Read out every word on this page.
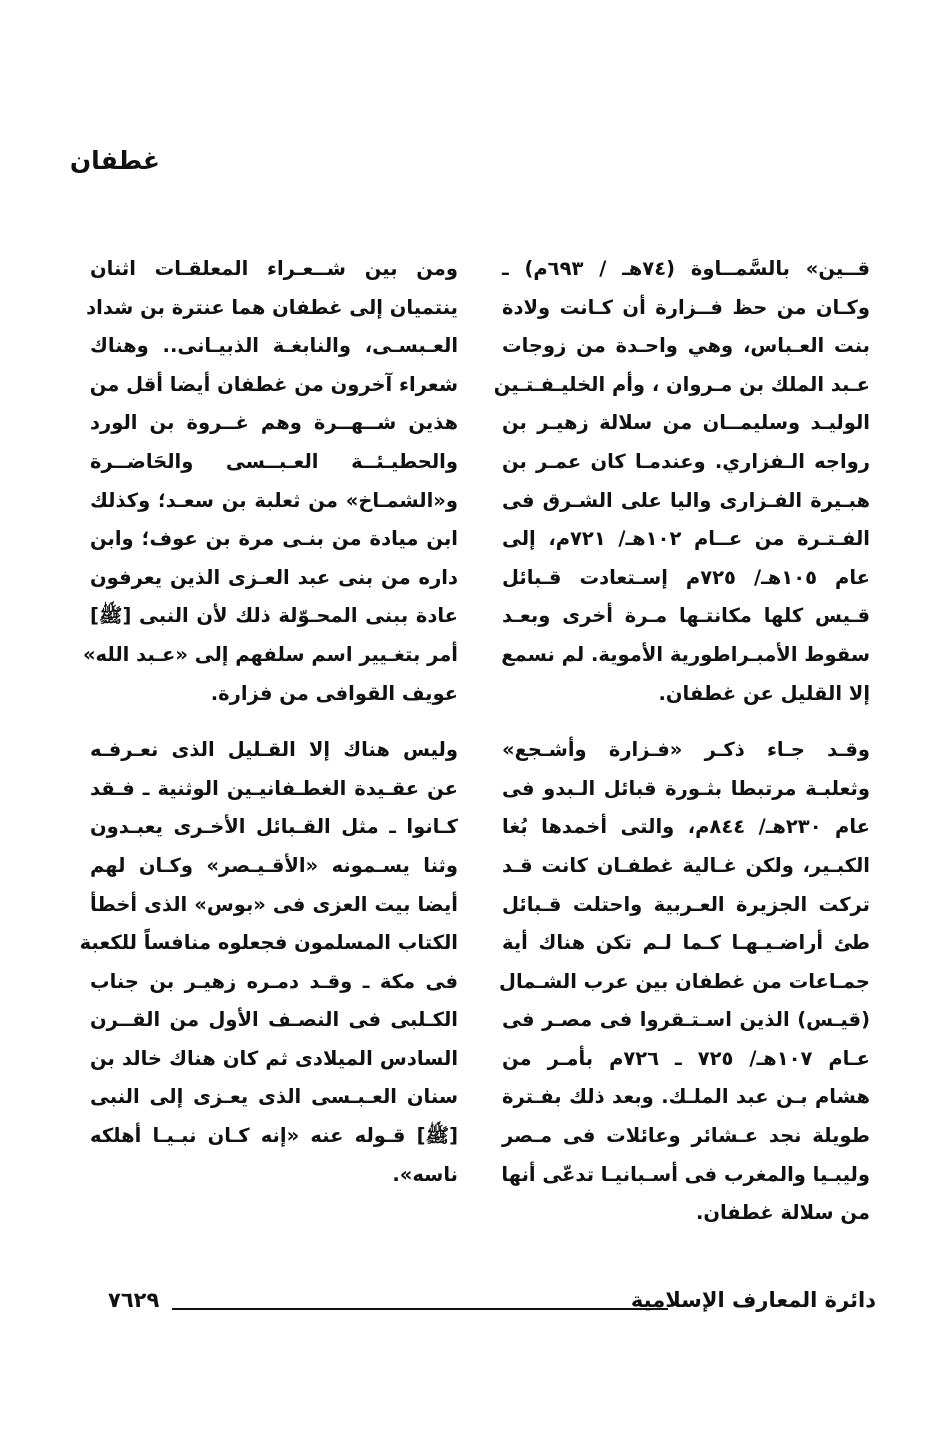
غطفان
قــين» بالسَّمــاوة (٧٤هـ / ٦٩٣م) ـ
وكـان من حظ فــزارة أن كـانت ولادة
بنت العـباس، وهي واحـدة من زوجات
عـبد الملك بن مـروان ، وأم الخليـفـتـين
الوليـد وسليمــان من سلالة زهيـر بن
رواجه الـفزاري. وعندمـا كان عمـر بن
هبـيرة الفـزارى واليا على الشـرق فى
الفـتـرة من عــام ١٠٢هـ/ ٧٢١م، إلى
عام ١٠٥هـ/ ٧٢٥م إسـتعادت قـبائل
قـيس كلها مكانتـها مـرة أخرى وبعـد
سقوط الأمبـراطورية الأموية. لم نسمع
إلا القليل عن غطفان.
وقـد جـاء ذكـر «فـزارة وأشـجع»
وثعلبـة مرتبطا بثـورة قبائل الـبدو فى
عام ٢٣٠هـ/ ٨٤٤م، والتى أخمدها بُغا
الكبـير، ولكن غـالية غطفـان كانت قـد
تركت الجزيرة العـربية واحتلت قـبائل
طئ أراضـيـهـا كـما لـم تكن هناك أية
جمـاعات من غطفان بين عرب الشـمال
(قيـس) الذين اسـتـقروا فى مصـر فى
عـام ١٠٧هـ/ ٧٢٥ ـ ٧٢٦م بأمـر من
هشام بـن عبد الملـك. وبعد ذلك بفـترة
طويلة نجد عـشائر وعائلات فى مـصر
وليبـيا والمغرب فى أسـبانيـا تدعّى أنها
من سلالة غطفان.
ومن بين شــعـراء المعلقـات اثنان
ينتميان إلى غطفان هما عنترة بن شداد
العـبسـى، والنابغـة الذبيـانى.. وهناك
شعراء آخرون من غطفان أيضا أقل من
هذين شــهــرة وهم غــروة بن الورد
والحطيـئــة العـبــسى والحَاضــرة
و«الشمـاخ» من ثعلبة بن سعـد؛ وكذلك
ابن ميادة من بنـى مرة بن عوف؛ وابن
داره من بنى عبد العـزى الذين يعرفون
عادة ببنى المحـوّلة ذلك لأن النبى [ﷺ]
أمر بتغـيير اسم سلفهم إلى «عـبد الله»
عويف القوافى من فزارة.
وليس هناك إلا القـليل الذى نعـرفـه
عن عقـيدة الغطـفانيـين الوثنية ـ فـقد
كـانوا ـ مثل القـبائل الأخـرى يعبـدون
وثنا يسـمونه «الأقـيـصر» وكـان لهم
أيضا بيت العزى فى «بوس» الذى أخطأ
الكتاب المسلمون فجعلوه منافساً للكعبة
فى مكة ـ وقـد دمـره زهيـر بن جناب
الكـلبى فى النصـف الأول من القــرن
السادس الميلادى ثم كان هناك خالد بن
سنان العـبـسى الذى يعـزى إلى النبى
[ﷺ] قـوله عنه «إنه كـان نبـيـا أهلكه
ناسه».
دائرة المعارف الإسلامية
٧٦٢٩
